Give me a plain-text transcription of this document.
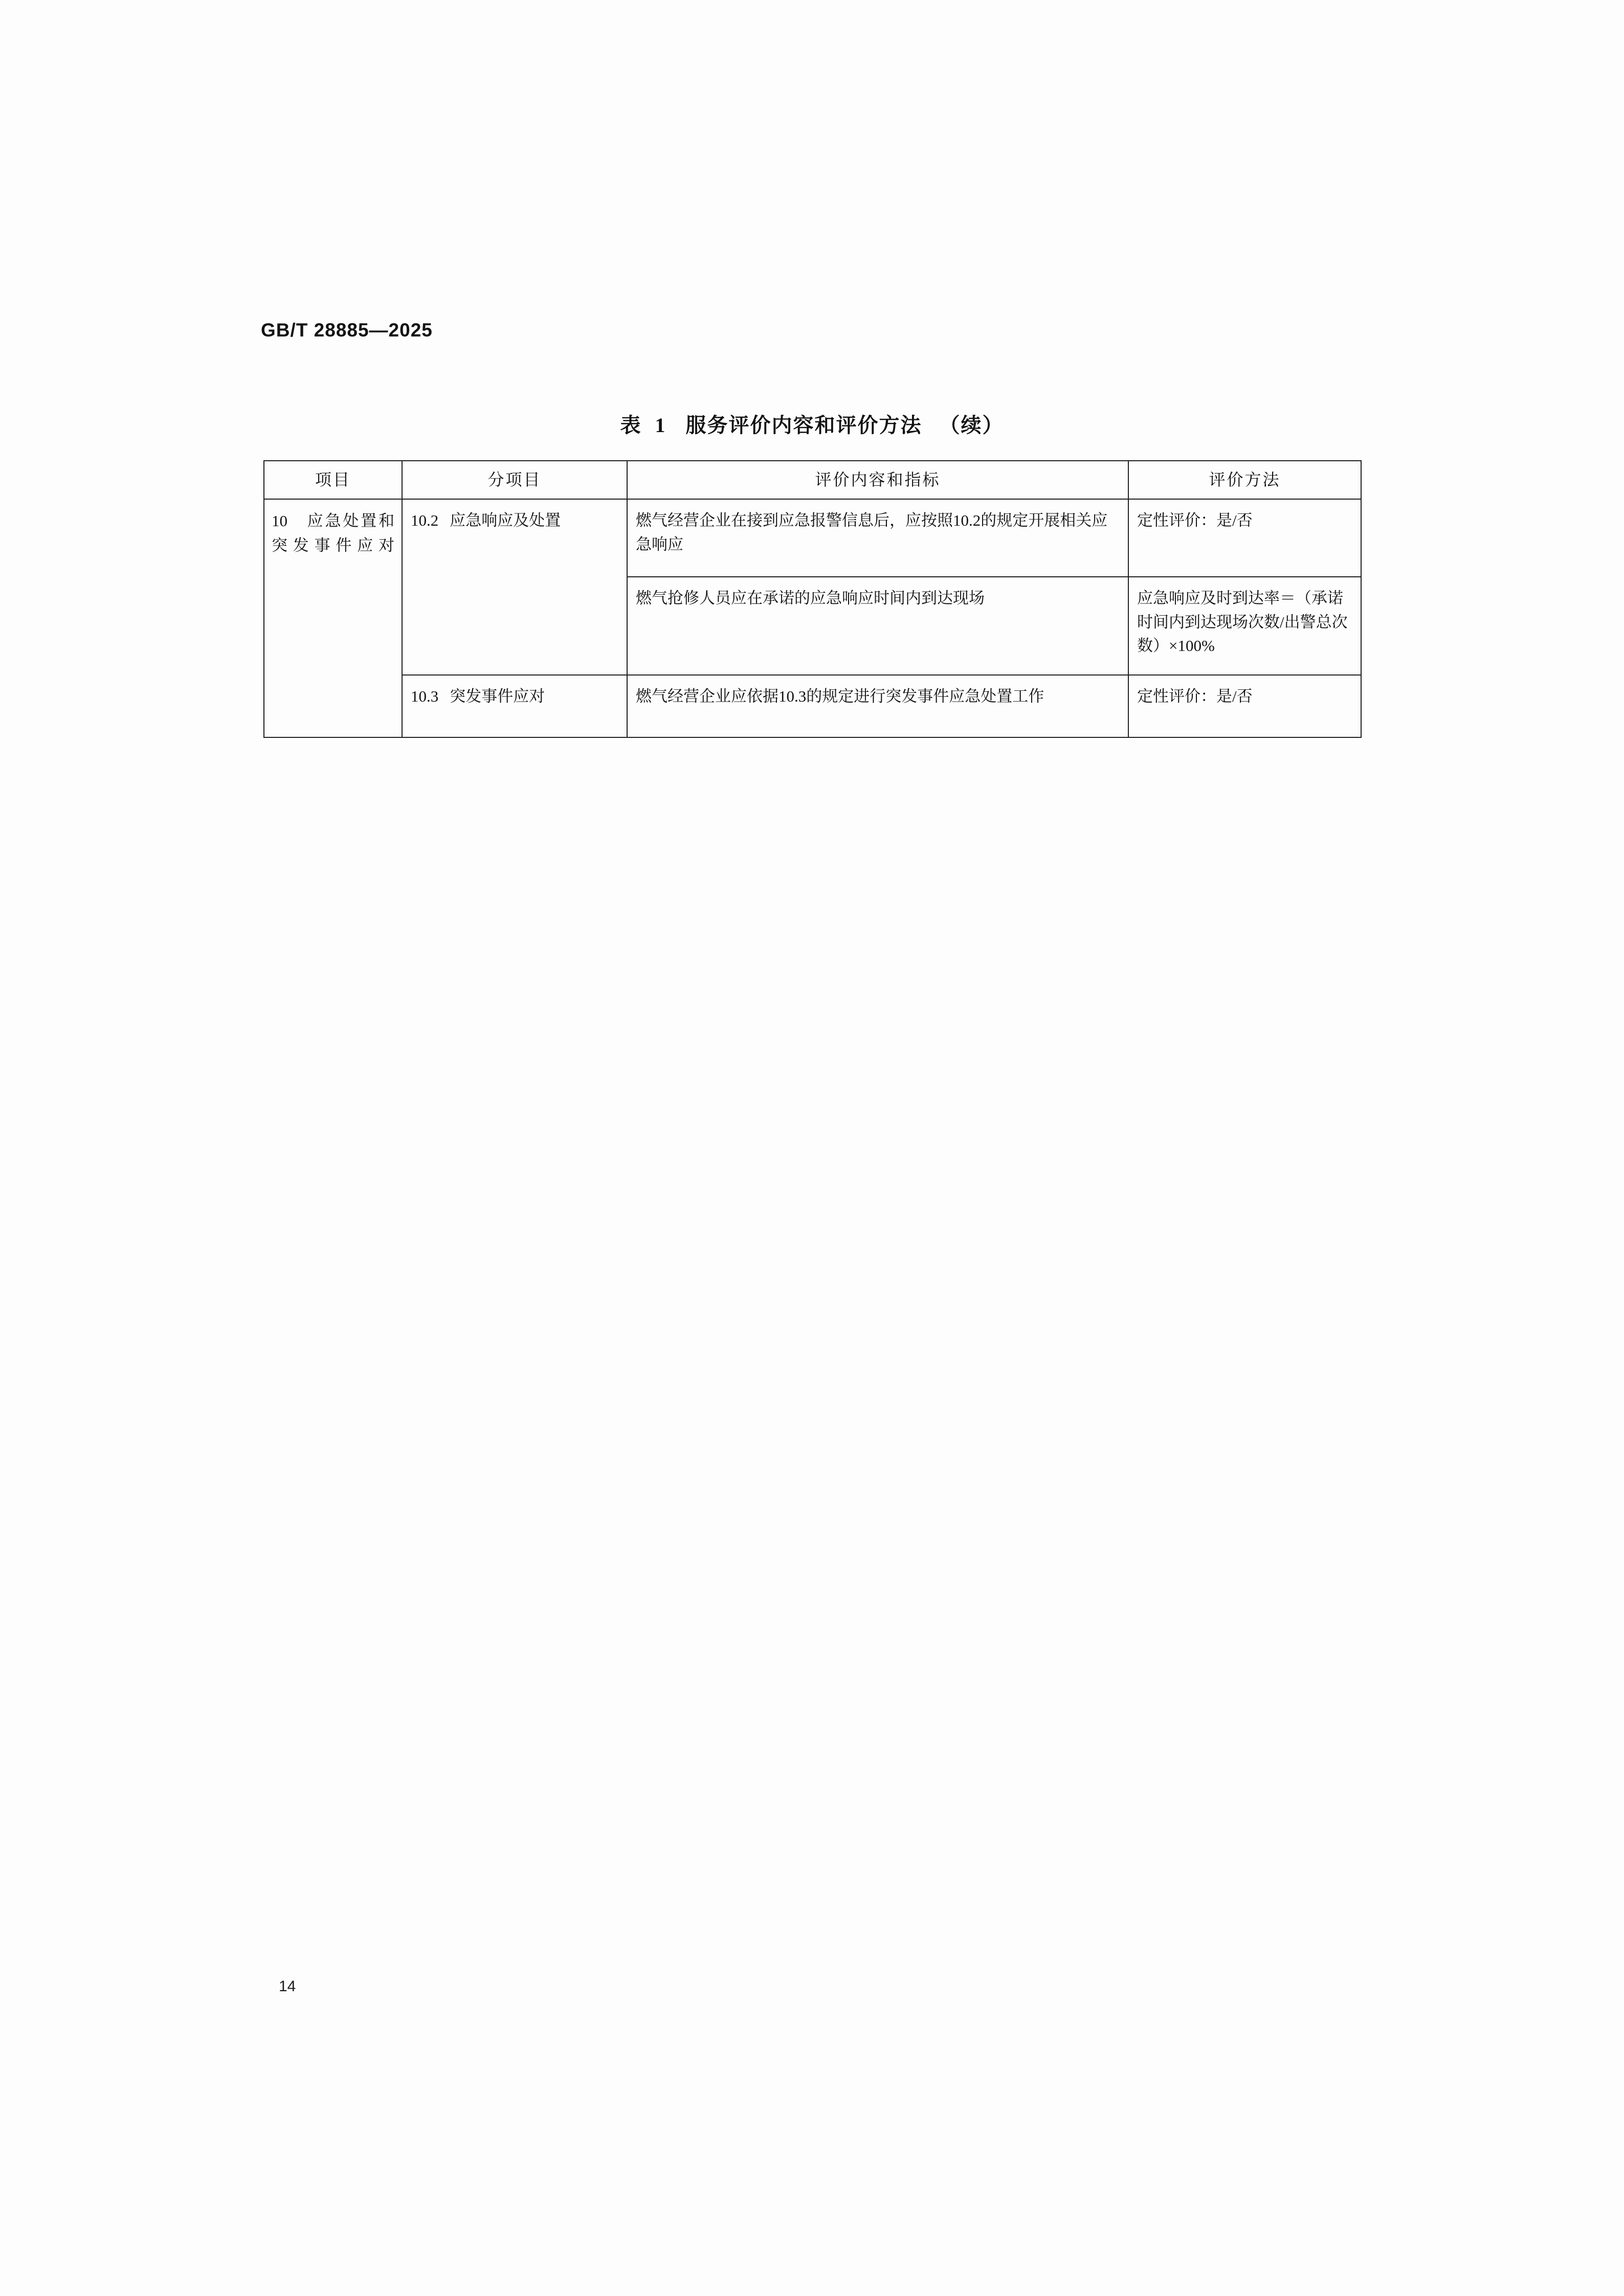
GB/T 28885—2025
表 1 服务评价内容和评价方法 （续）
项目	分项目	评价内容和指标	评价方法

10　应急处置和突发事件应对	10.2 应急响应及处置	燃气经营企业在接到应急报警信息后，应按照10.2的规定开展相关应急响应	定性评价：是/否

		燃气抢修人员应在承诺的应急响应时间内到达现场	应急响应及时到达率＝（承诺时间内到达现场次数/出警总次数）×100%

	10.3 突发事件应对	燃气经营企业应依据10.3的规定进行突发事件应急处置工作	定性评价：是/否
14
